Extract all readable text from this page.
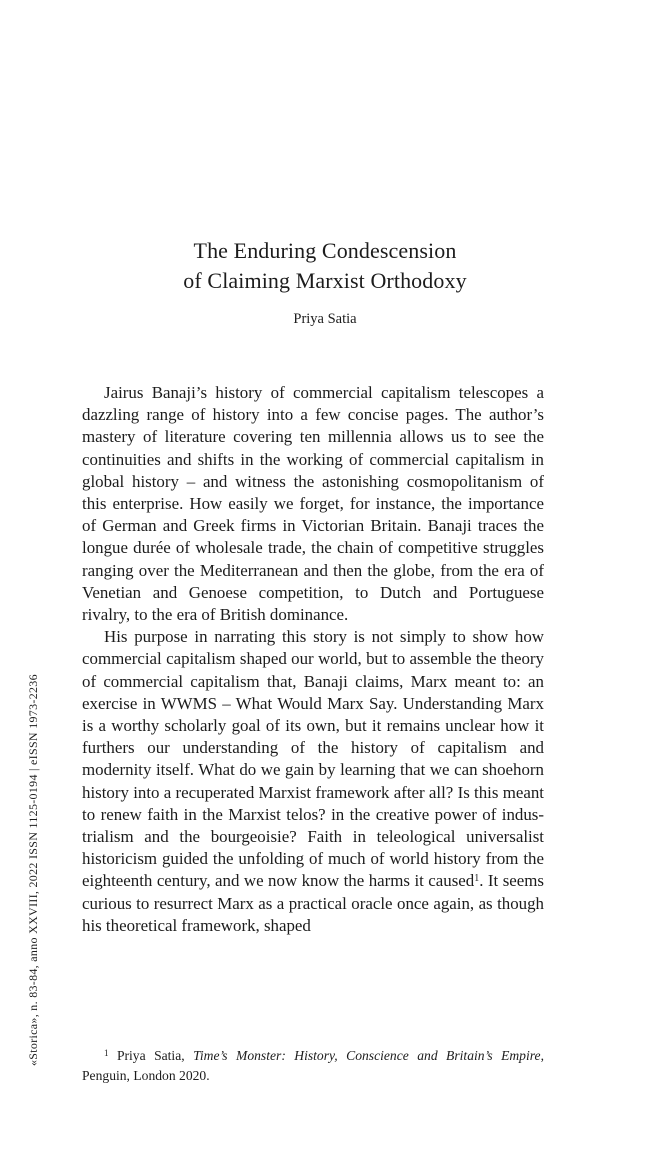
The Enduring Condescension

of Claiming Marxist Orthodoxy

Priya Satia

Jairus Banaji’s history of commercial capitalism telescopes a dazzling range of history into a few concise pages. The author’s mastery of literature covering ten millennia allows us to see the continuities and shifts in the working of commercial capitalism in global history – and witness the astonishing cosmopolitanism of this enterprise. How easily we forget, for instance, the importance of German and Greek firms in Victorian Britain. Banaji traces the longue durée of wholesale trade, the chain of competitive struggles ranging over the Mediterranean and then the globe, from the era of Venetian and Genoese competition, to Dutch and Portuguese rivalry, to the era of British dominance.

His purpose in narrating this story is not simply to show how commercial capitalism shaped our world, but to assemble the theory of commercial capitalism that, Banaji claims, Marx meant to: an exercise in WWMS – What Would Marx Say. Understanding Marx is a worthy scholarly goal of its own, but it remains unclear how it furthers our understanding of the history of capitalism and modernity itself. What do we gain by learning that we can shoehorn history into a recuperated Marxist framework after all? Is this meant to renew faith in the Marxist telos? in the creative power of industrialism and the bourgeoisie? Faith in teleological universalist historicism guided the unfolding of much of world history from the eighteenth century, and we now know the harms it caused$^1$. It seems curious to resurrect Marx as a practical oracle once again, as though his theoretical framework, shaped

$^1$ Priya Satia, Time’s Monster: History, Conscience and Britain’s Empire, Penguin, London 2020.

«Storica», n. 83-84, anno XXVIII, 2022 ISSN 1125-0194 | eISSN 1973-2236
